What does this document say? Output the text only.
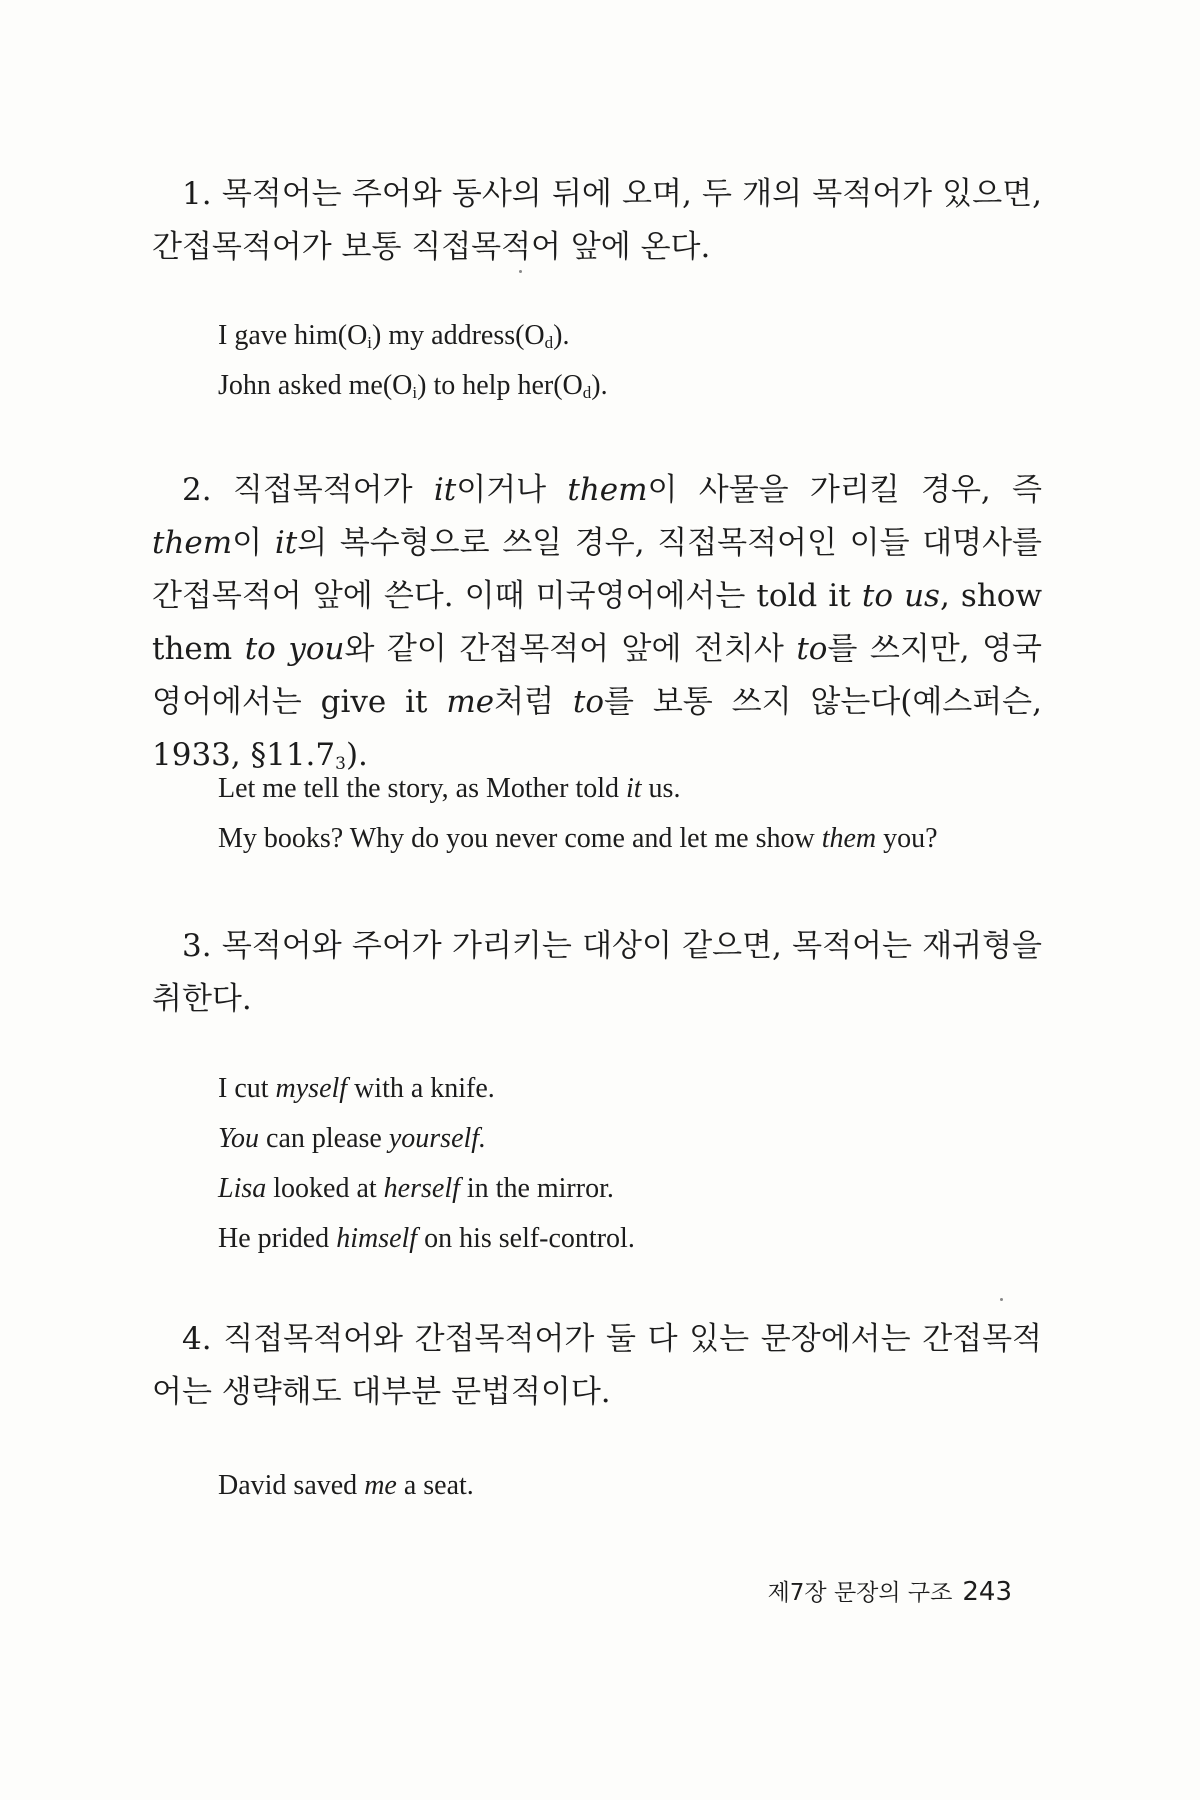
1. 목적어는 주어와 동사의 뒤에 오며, 두 개의 목적어가 있으면, 간접목적어가 보통 직접목적어 앞에 온다.

I gave $him(O_i)$ my $address(O_d)$.
John asked $me(O_i)$ to help $her(O_d)$.

2. 직접목적어가 it이거나 them이 사물을 가리킬 경우, 즉 them이 it의 복수형으로 쓰일 경우, 직접목적어인 이들 대명사를 간접목적어 앞에 쓴다. 이때 미국영어에서는 told it to us, show them to you와 같이 간접목적어 앞에 전치사 to를 쓰지만, 영국영어에서는 give it me처럼 to를 보통 쓰지 않는다(예스퍼슨, 1933, $\S 11.7_3$).

Let me tell the story, as Mother told it us.
My books? Why do you never come and let me show them you?

3. 목적어와 주어가 가리키는 대상이 같으면, 목적어는 재귀형을 취한다.

I cut myself with a knife.
You can please yourself.
Lisa looked at herself in the mirror.
He prided himself on his self-control.

4. 직접목적어와 간접목적어가 둘 다 있는 문장에서는 간접목적어는 생략해도 대부분 문법적이다.

David saved me a seat.
제7장 문장의 구조 243
